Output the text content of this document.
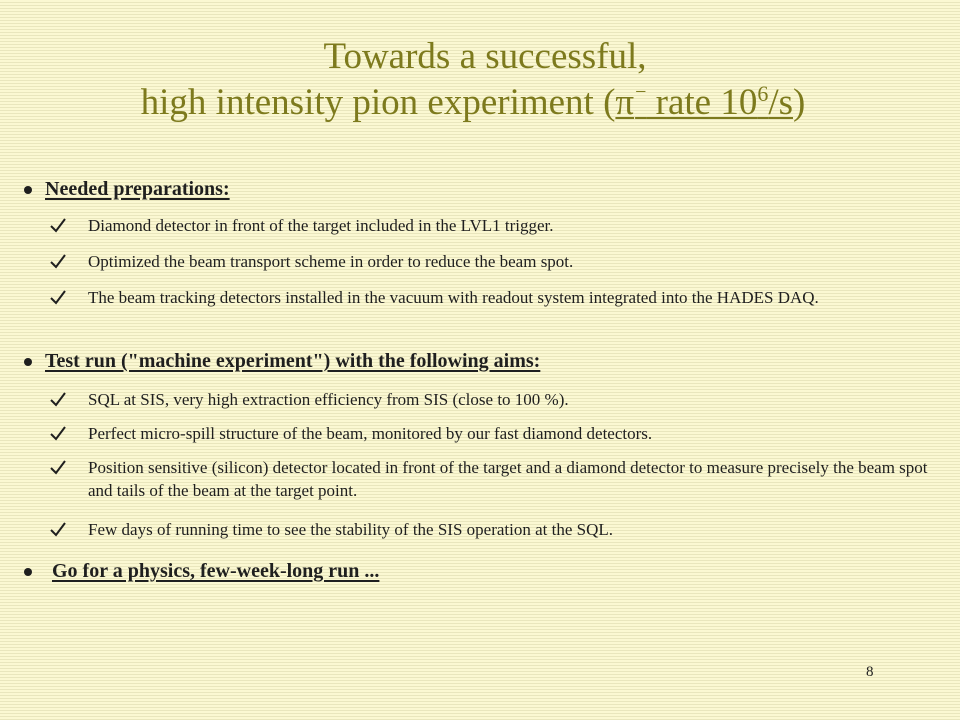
Towards a successful,
high intensity pion experiment (π− rate $10^6/s$)
Needed preparations:
Diamond detector in front of the target included in the LVL1 trigger.
Optimized the beam transport scheme in order to reduce the beam spot.
The beam tracking detectors installed in the vacuum with readout system integrated into the HADES DAQ.
Test run ("machine experiment") with the following aims:
SQL at SIS, very high extraction efficiency from SIS (close to 100 %).
Perfect micro-spill structure of the beam, monitored by our fast diamond detectors.
Position sensitive (silicon) detector located in front of the target and a diamond detector to measure precisely the beam spot and tails of the beam at the target point.
Few days of running time to see the stability of the SIS operation at the SQL.
Go for a physics, few-week-long run ...
8
